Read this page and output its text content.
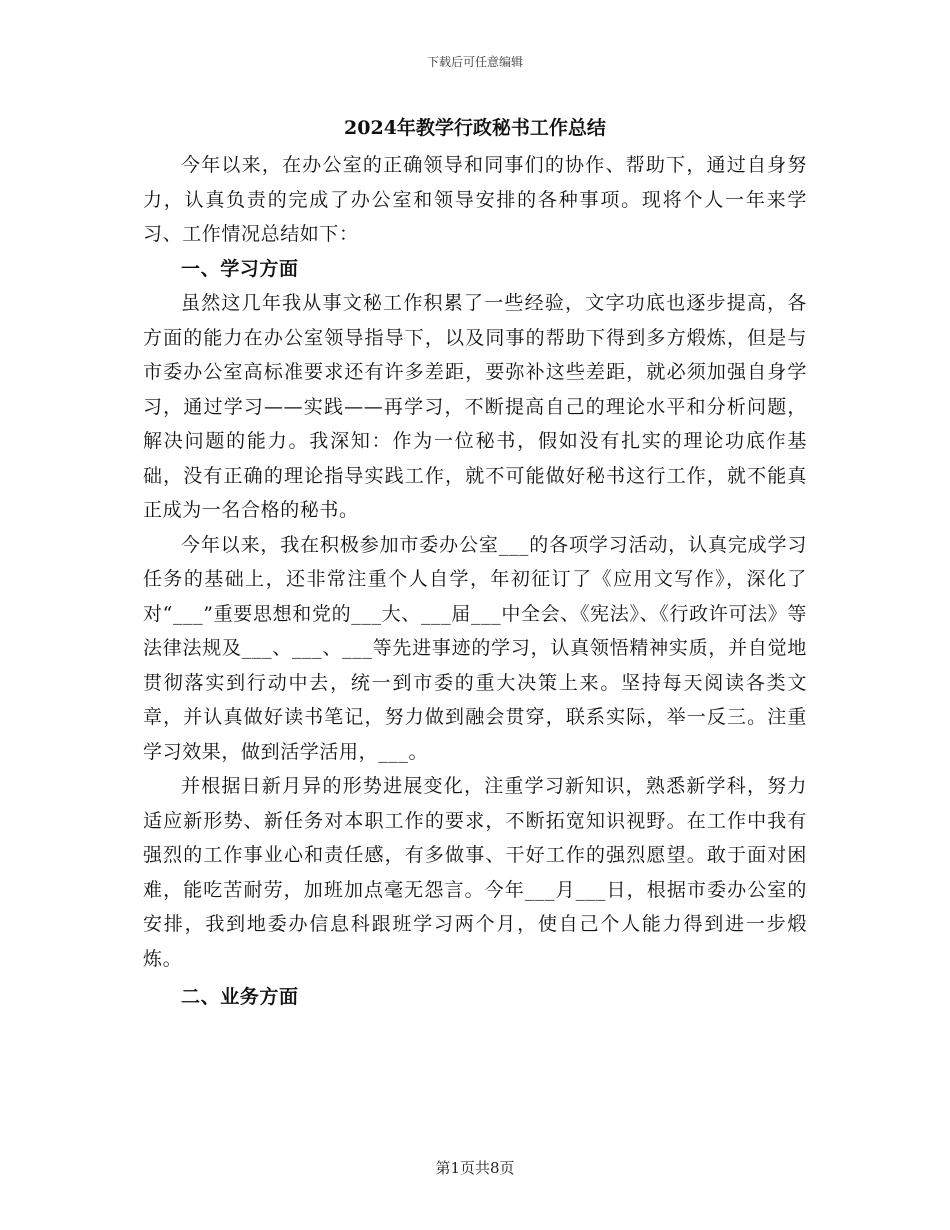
下载后可任意编辑
2024年教学行政秘书工作总结

今年以来，在办公室的正确领导和同事们的协作、帮助下，通过自身努力，认真负责的完成了办公室和领导安排的各种事项。现将个人一年来学习、工作情况总结如下：

一、学习方面

虽然这几年我从事文秘工作积累了一些经验，文字功底也逐步提高，各方面的能力在办公室领导指导下，以及同事的帮助下得到多方煅炼，但是与市委办公室高标准要求还有许多差距，要弥补这些差距，就必须加强自身学习，通过学习——实践——再学习，不断提高自己的理论水平和分析问题，解决问题的能力。我深知：作为一位秘书，假如没有扎实的理论功底作基础，没有正确的理论指导实践工作，就不可能做好秘书这行工作，就不能真正成为一名合格的秘书。

今年以来，我在积极参加市委办公室___的各项学习活动，认真完成学习任务的基础上，还非常注重个人自学，年初征订了《应用文写作》，深化了对“___”重要思想和党的___大、___届___中全会、《宪法》、《行政许可法》等法律法规及___、___、___等先进事迹的学习，认真领悟精神实质，并自觉地贯彻落实到行动中去，统一到市委的重大决策上来。坚持每天阅读各类文章，并认真做好读书笔记，努力做到融会贯穿，联系实际，举一反三。注重学习效果，做到活学活用，___。

并根据日新月异的形势进展变化，注重学习新知识，熟悉新学科，努力适应新形势、新任务对本职工作的要求，不断拓宽知识视野。在工作中我有强烈的工作事业心和责任感，有多做事、干好工作的强烈愿望。敢于面对困难，能吃苦耐劳，加班加点毫无怨言。今年___月___日，根据市委办公室的安排，我到地委办信息科跟班学习两个月，使自己个人能力得到进一步煅炼。

二、业务方面

第1页共8页
